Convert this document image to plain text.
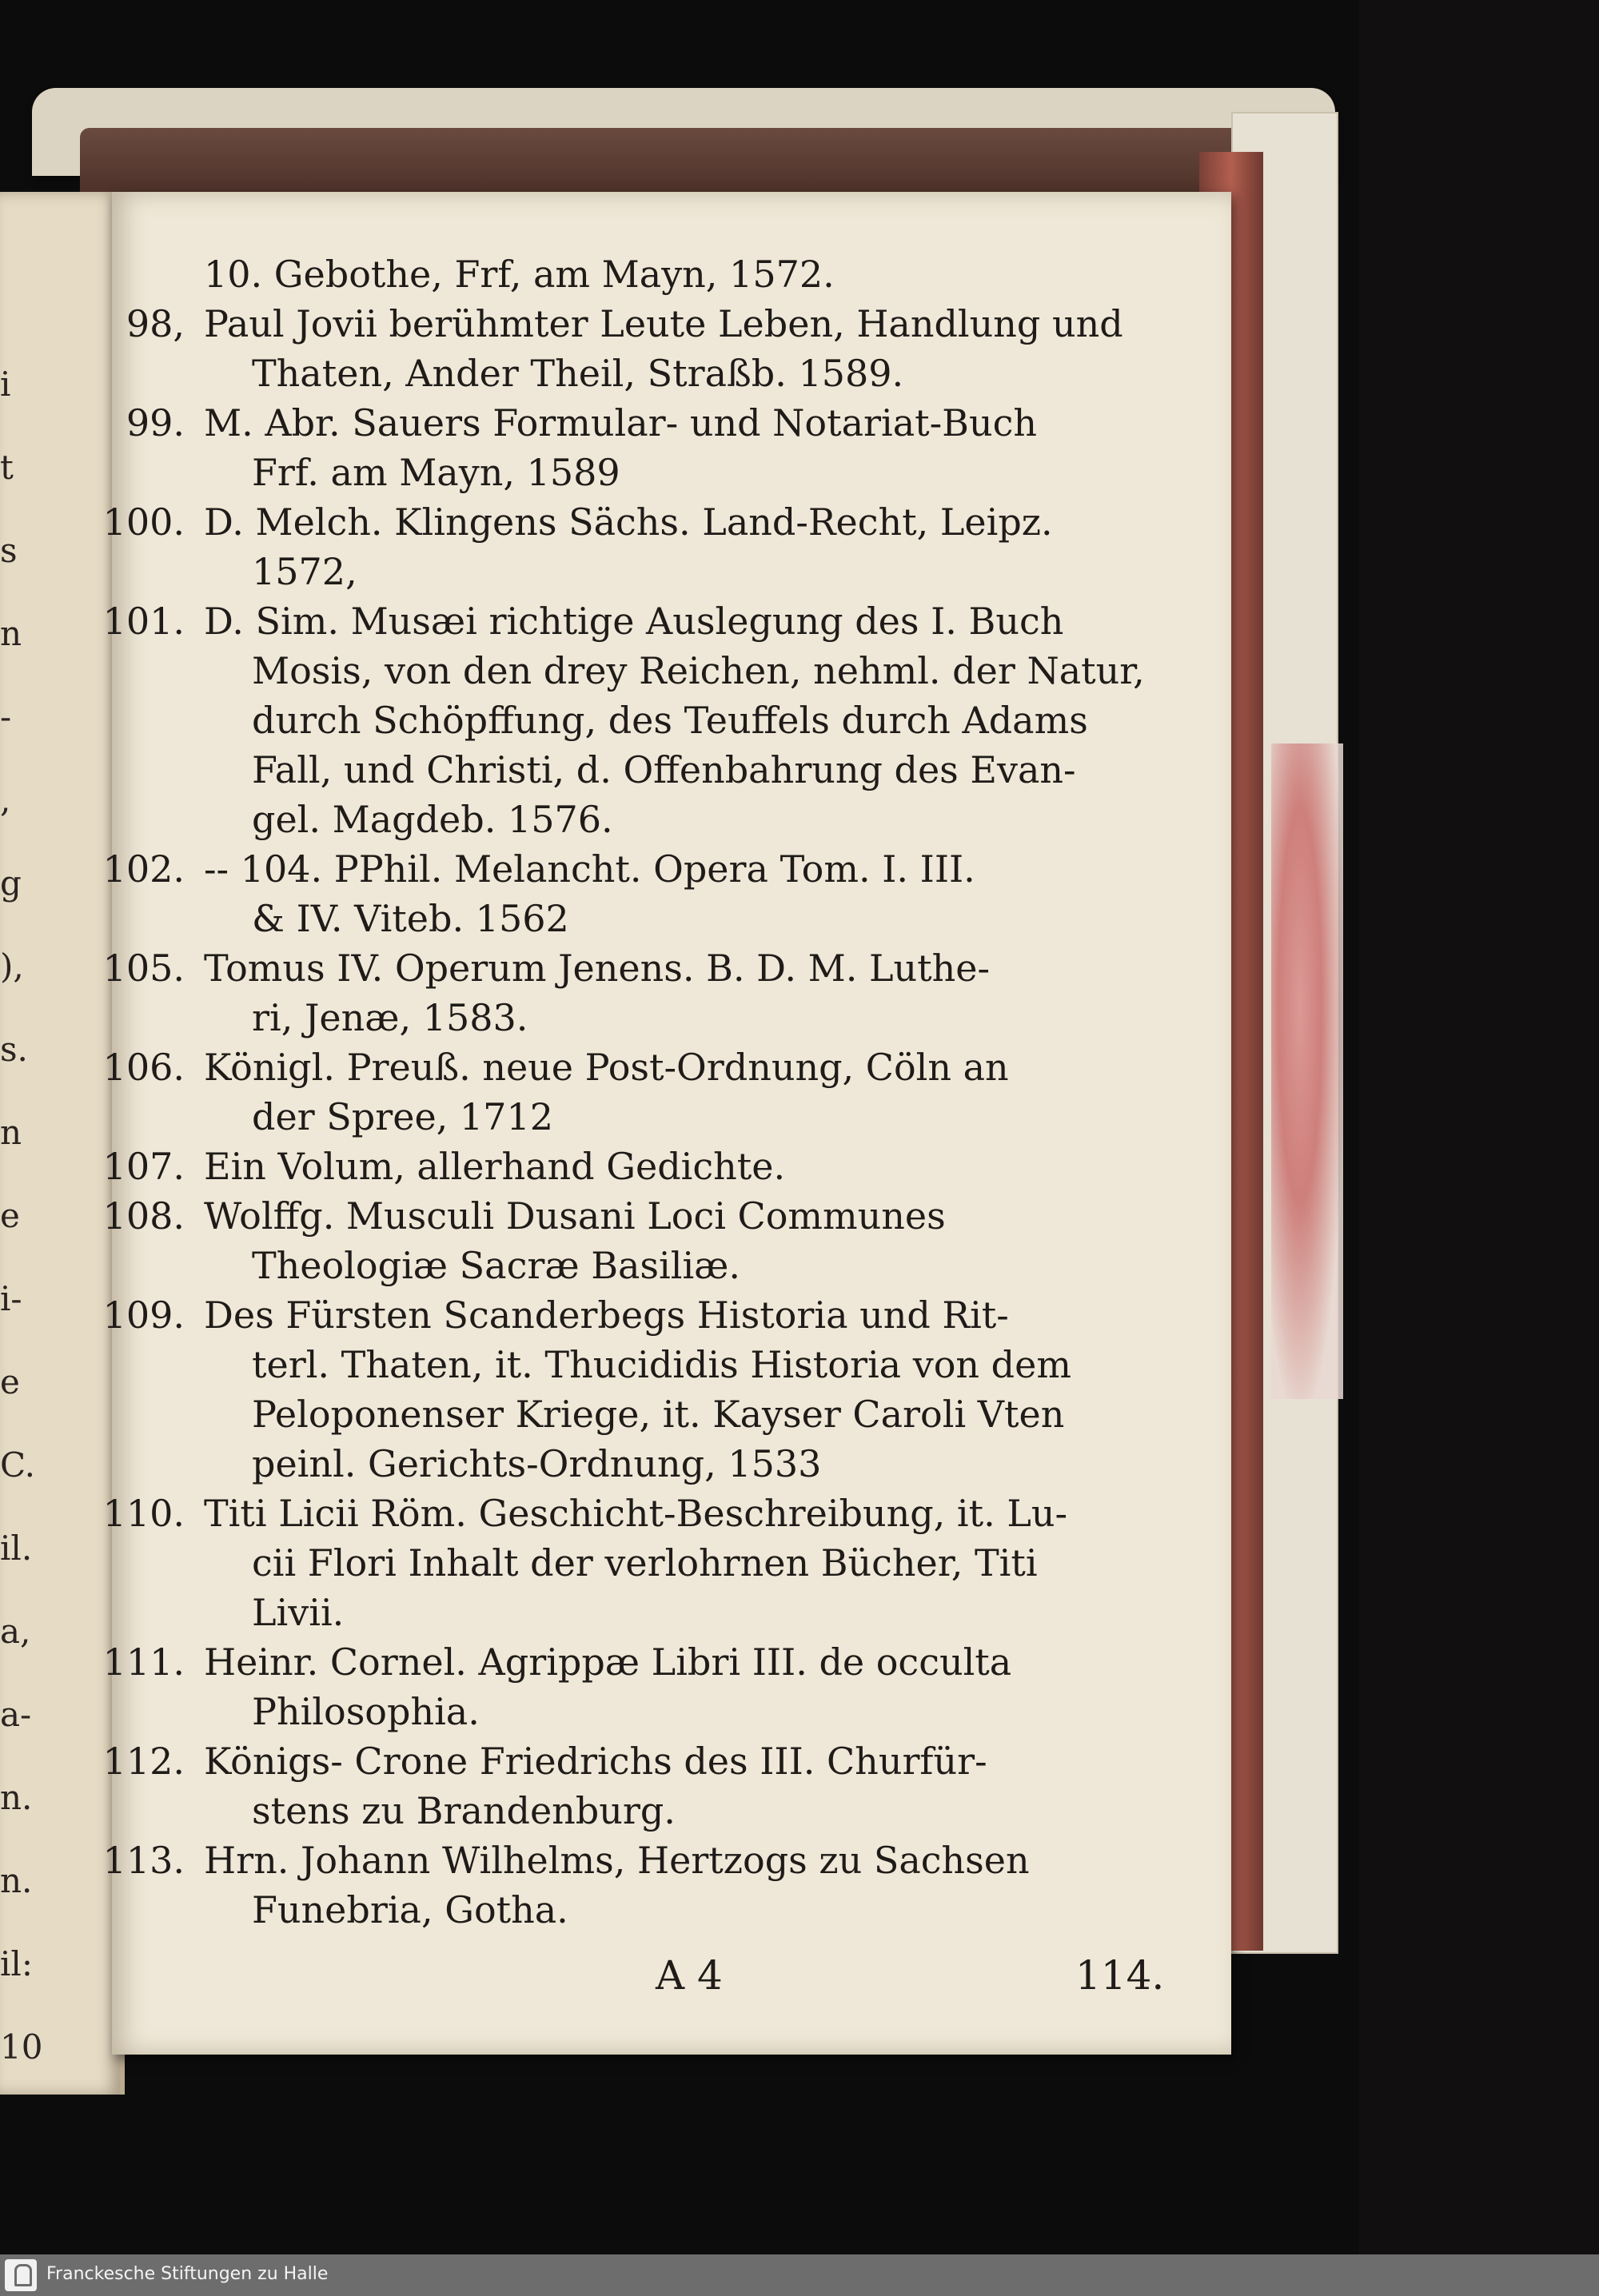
i
t
s
n
-
,
g
),
s.
n
e
i-
e
C.
il.
a,
a-
n.
n.
il:
10
10. Gebothe, Frf, am Mayn, 1572.
98, Paul Jovii berühmter Leute Leben, Handlung und
Thaten, Ander Theil, Straßb. 1589.
99. M. Abr. Sauers Formular- und Notariat-Buch
Frf. am Mayn, 1589
100. D. Melch. Klingens Sächs. Land-Recht, Leipz.
1572,
101. D. Sim. Musæi richtige Auslegung des I. Buch
Mosis, von den drey Reichen, nehml. der Natur,
durch Schöpffung, des Teuffels durch Adams
Fall, und Christi, d. Offenbahrung des Evan-
gel. Magdeb. 1576.
102. -- 104. PPhil. Melancht. Opera Tom. I. III.
& IV. Viteb. 1562
105. Tomus IV. Operum Jenens. B. D. M. Luthe-
ri, Jenæ, 1583.
106. Königl. Preuß. neue Post-Ordnung, Cöln an
der Spree, 1712
107. Ein Volum, allerhand Gedichte.
108. Wolffg. Musculi Dusani Loci Communes
Theologiæ Sacræ Basiliæ.
109. Des Fürsten Scanderbegs Historia und Rit-
terl. Thaten, it. Thucididis Historia von dem
Peloponenser Kriege, it. Kayser Caroli Vten
peinl. Gerichts-Ordnung, 1533
110. Titi Licii Röm. Geschicht-Beschreibung, it. Lu-
cii Flori Inhalt der verlohrnen Bücher, Titi
Livii.
111. Heinr. Cornel. Agrippæ Libri III. de occulta
Philosophia.
112. Königs- Crone Friedrichs des III. Churfür-
stens zu Brandenburg.
113. Hrn. Johann Wilhelms, Hertzogs zu Sachsen
Funebria, Gotha.
A 4	114.
Franckesche Stiftungen zu Halle
